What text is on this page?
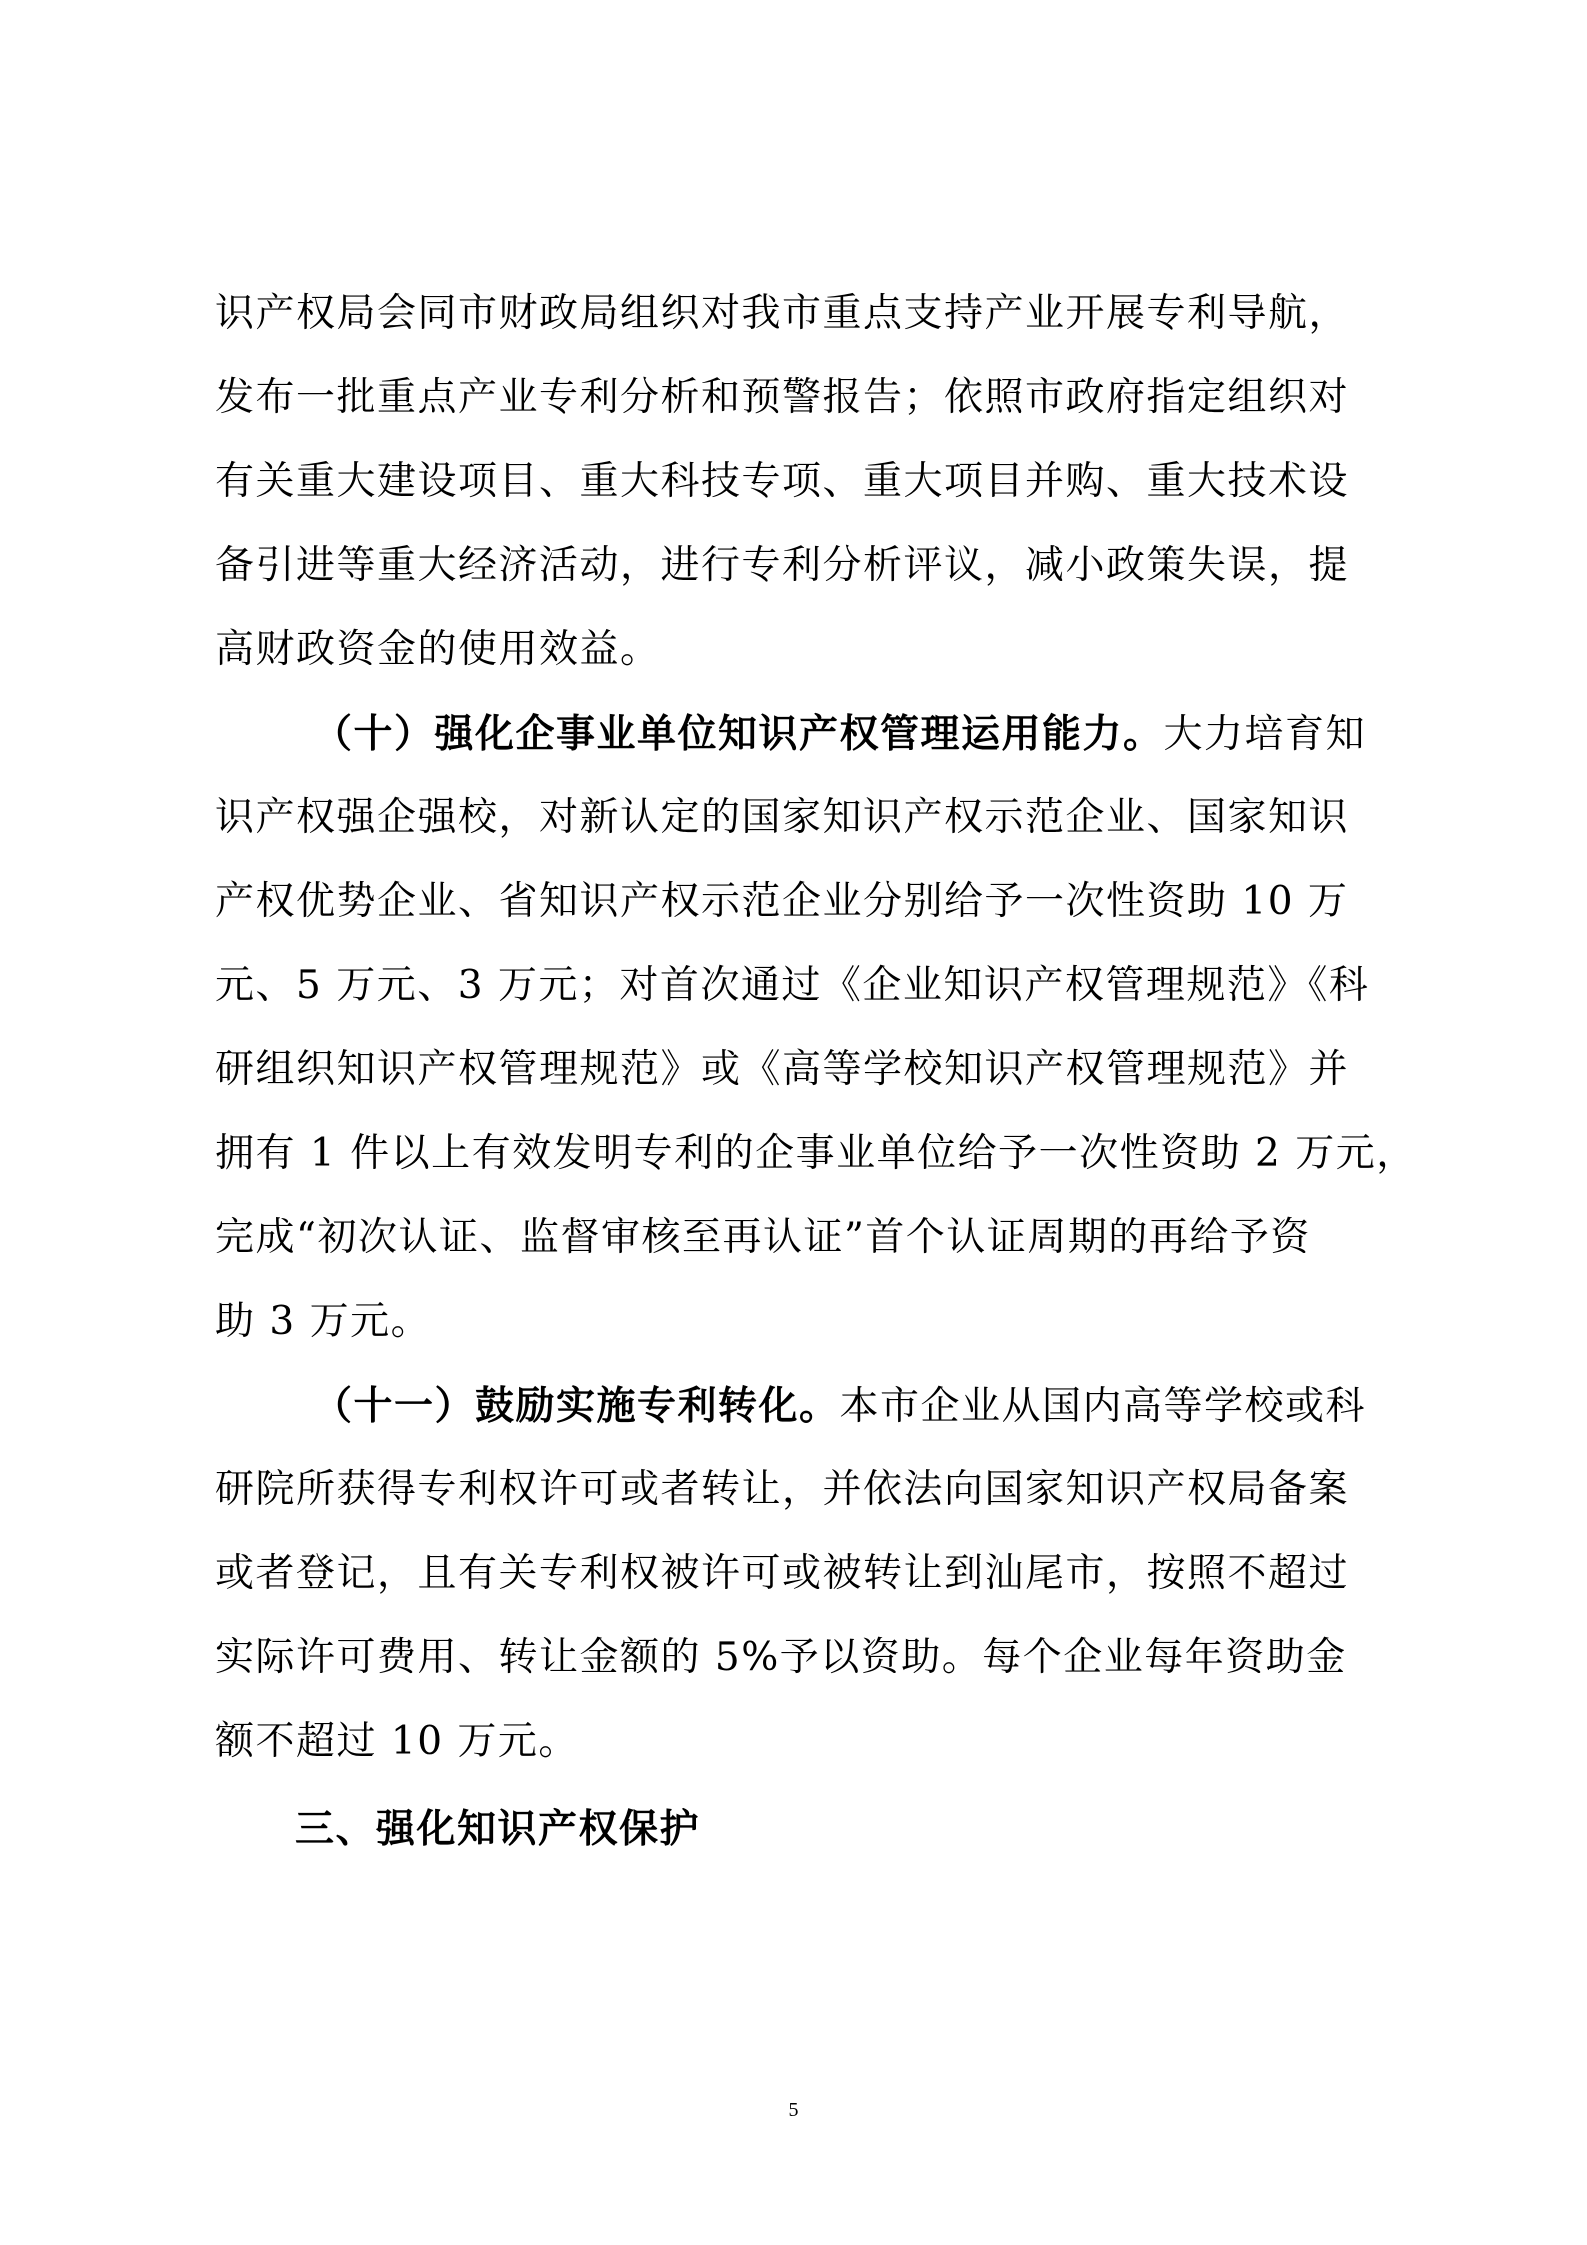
识产权局会同市财政局组织对我市重点支持产业开展专利导航，
发布一批重点产业专利分析和预警报告；依照市政府指定组织对
有关重大建设项目、重大科技专项、重大项目并购、重大技术设
备引进等重大经济活动，进行专利分析评议，减小政策失误，提
高财政资金的使用效益。
（十）强化企事业单位知识产权管理运用能力。大力培育知
识产权强企强校，对新认定的国家知识产权示范企业、国家知识
产权优势企业、省知识产权示范企业分别给予一次性资助 10 万
元、5 万元、3 万元；对首次通过《企业知识产权管理规范》《科
研组织知识产权管理规范》或《高等学校知识产权管理规范》并
拥有 1 件以上有效发明专利的企事业单位给予一次性资助 2 万元，
完成“初次认证、监督审核至再认证”首个认证周期的再给予资
助 3 万元。
（十一）鼓励实施专利转化。本市企业从国内高等学校或科
研院所获得专利权许可或者转让，并依法向国家知识产权局备案
或者登记，且有关专利权被许可或被转让到汕尾市，按照不超过
实际许可费用、转让金额的 5%予以资助。每个企业每年资助金
额不超过 10 万元。
三、强化知识产权保护
5
